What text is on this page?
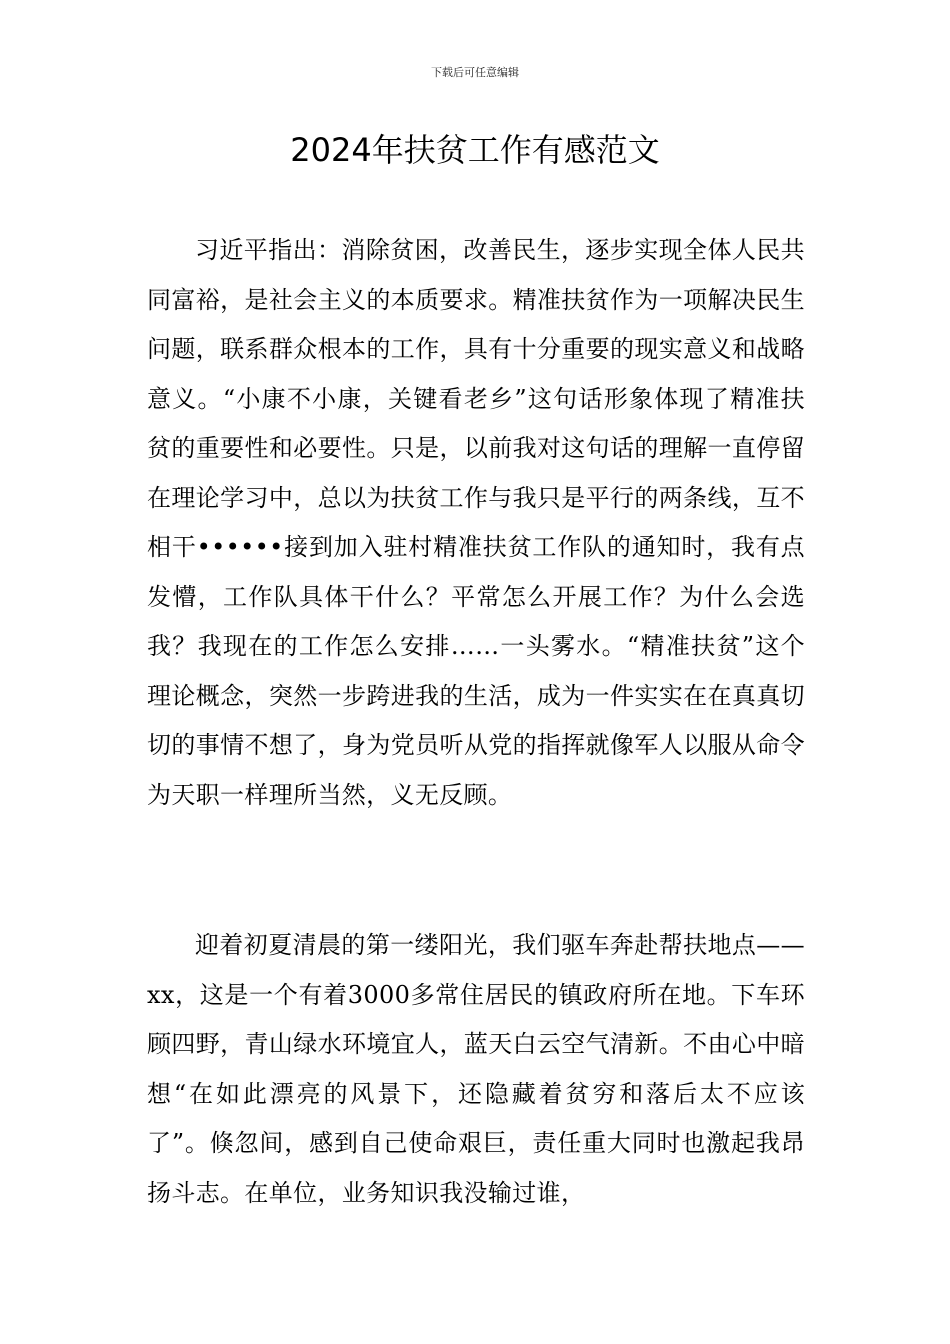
下载后可任意编辑
2024年扶贫工作有感范文

习近平指出：消除贫困，改善民生，逐步实现全体人民共同富裕，是社会主义的本质要求。精准扶贫作为一项解决民生问题，联系群众根本的工作，具有十分重要的现实意义和战略意义。“小康不小康，关键看老乡”这句话形象体现了精准扶贫的重要性和必要性。只是，以前我对这句话的理解一直停留在理论学习中，总以为扶贫工作与我只是平行的两条线，互不相干••••••接到加入驻村精准扶贫工作队的通知时，我有点发懵，工作队具体干什么？平常怎么开展工作？为什么会选我？我现在的工作怎么安排……一头雾水。“精准扶贫”这个理论概念，突然一步跨进我的生活，成为一件实实在在真真切切的事情不想了，身为党员听从党的指挥就像军人以服从命令为天职一样理所当然，义无反顾。

迎着初夏清晨的第一缕阳光，我们驱车奔赴帮扶地点——xx，这是一个有着3000多常住居民的镇政府所在地。下车环顾四野，青山绿水环境宜人，蓝天白云空气清新。不由心中暗想“在如此漂亮的风景下，还隐藏着贫穷和落后太不应该了”。倏忽间，感到自己使命艰巨，责任重大同时也激起我昂扬斗志。在单位，业务知识我没输过谁，
